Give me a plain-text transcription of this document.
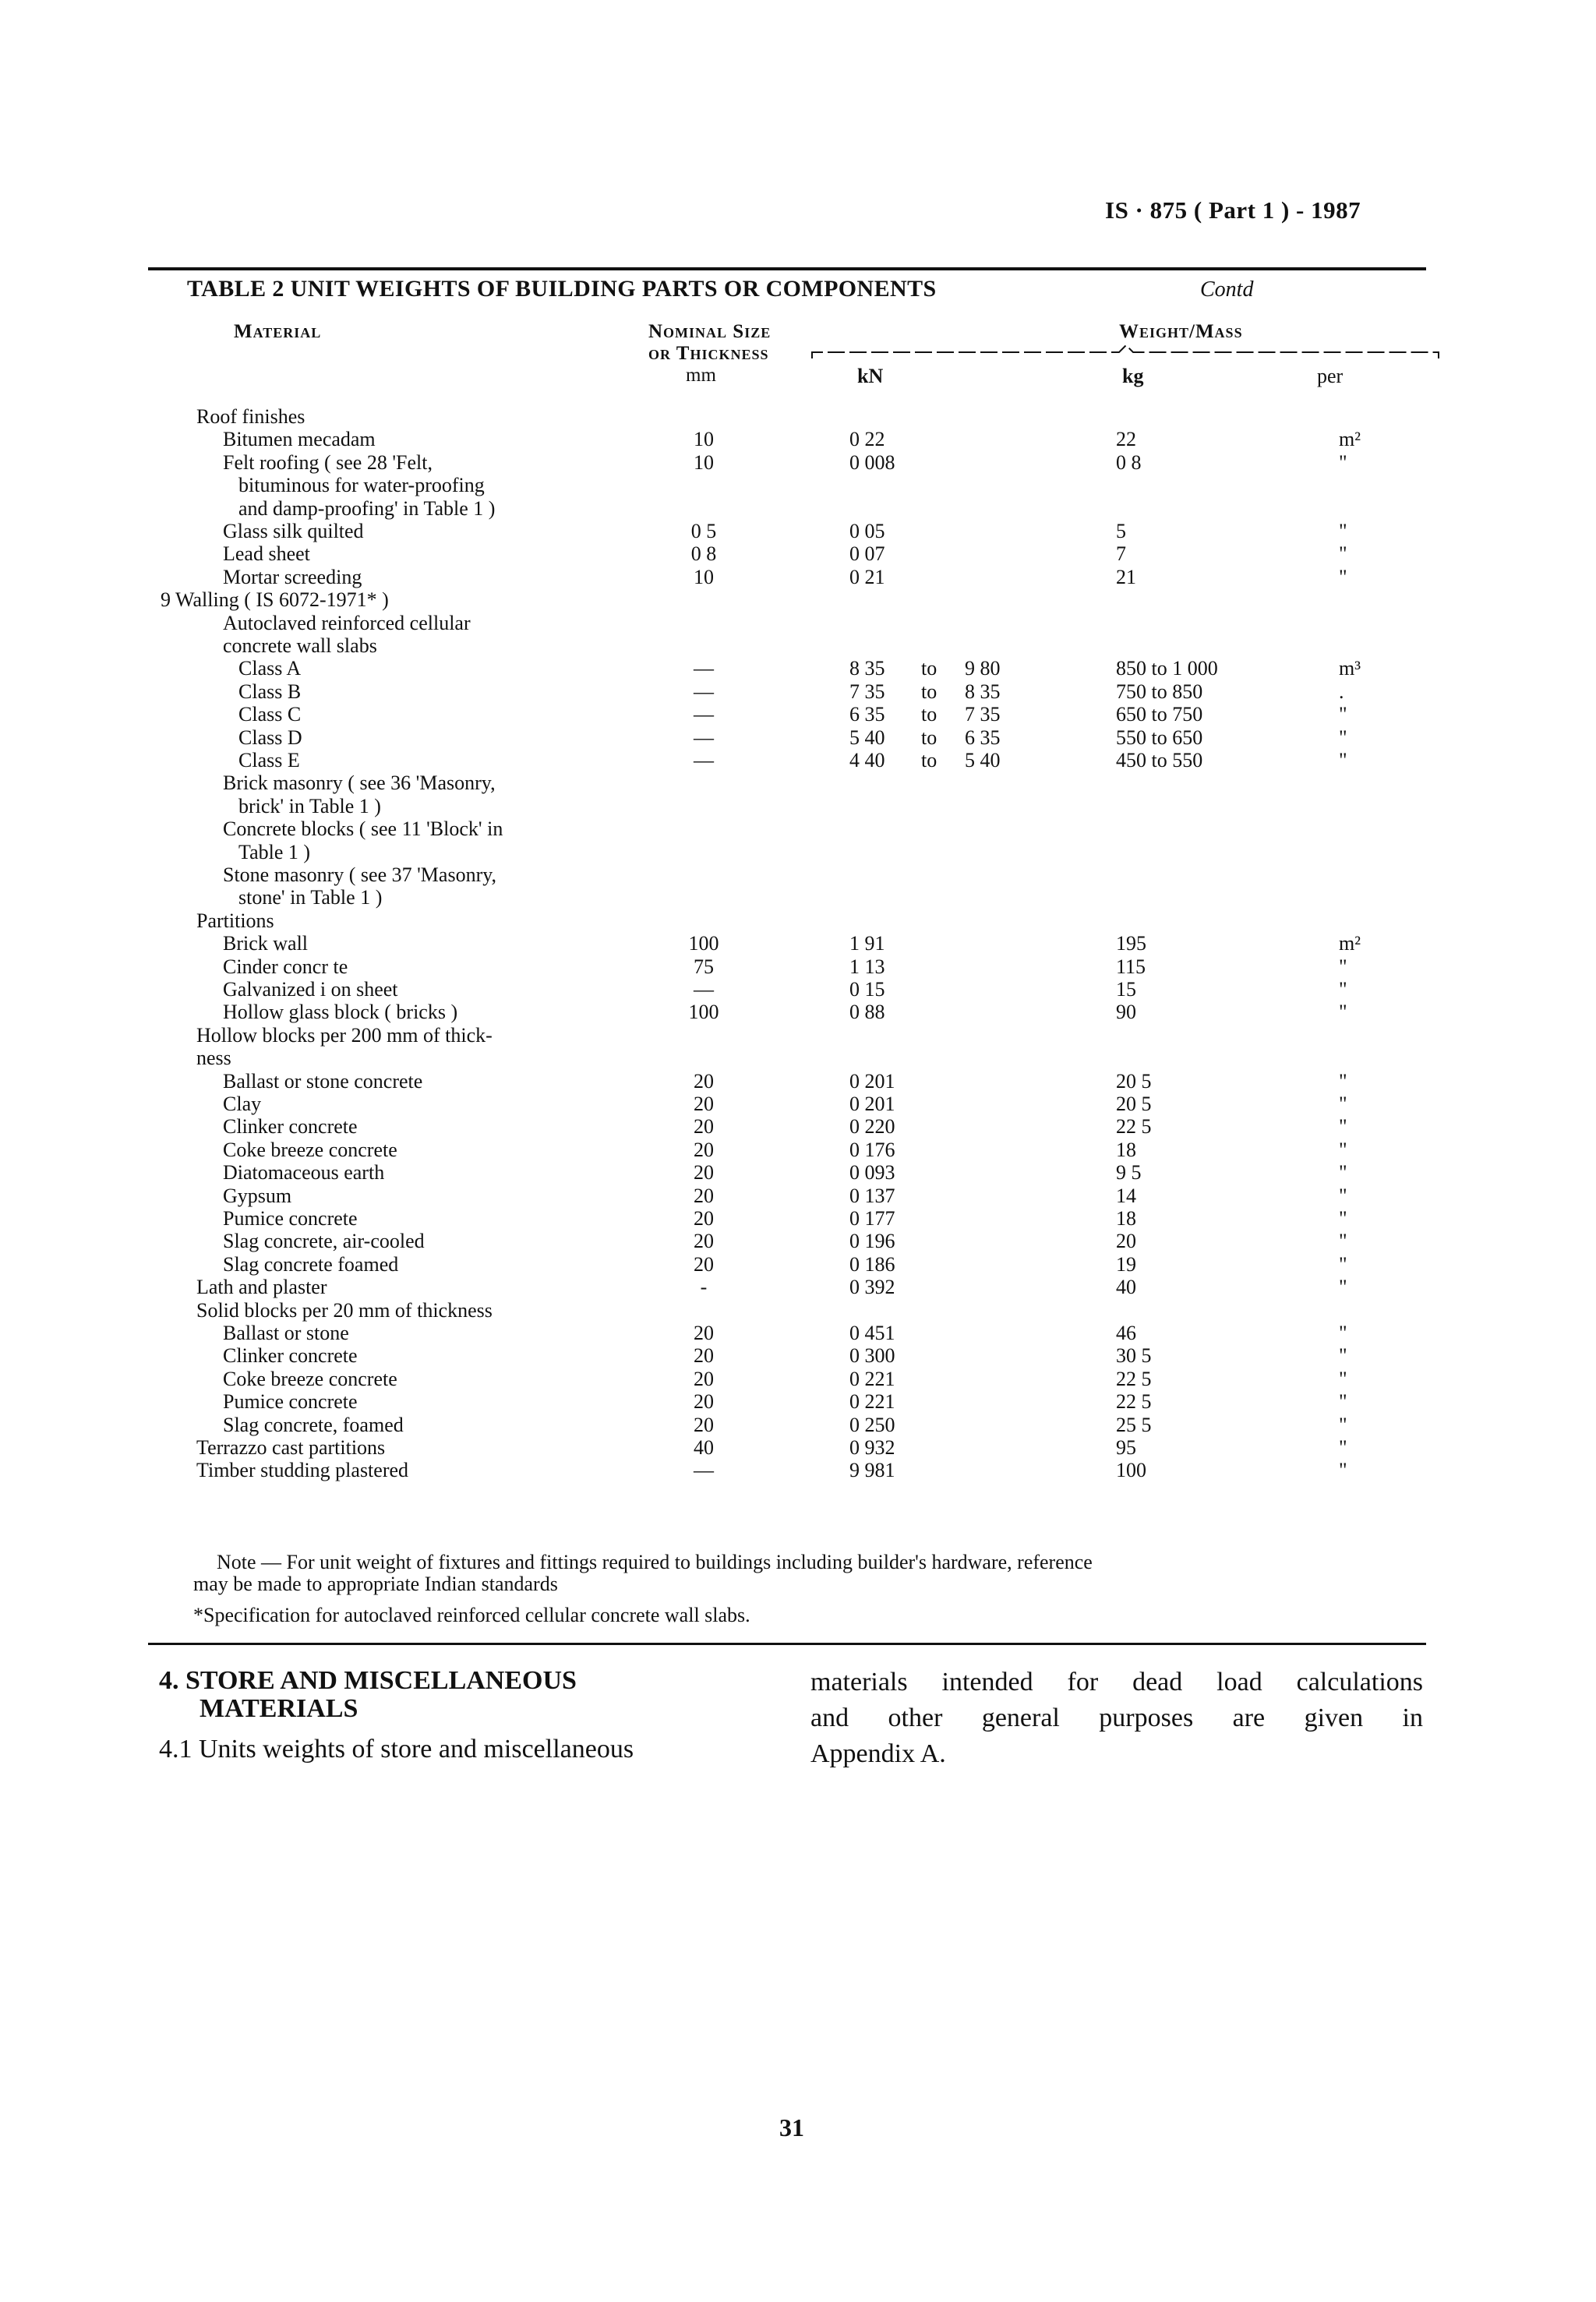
IS · 875 ( Part 1 ) - 1987
TABLE 2 UNIT WEIGHTS OF BUILDING PARTS OR COMPONENTS	Contd
Material	Nominal Size
or Thickness
mm
Weight/Mass
kN	kg	per
Roof finishes
Bitumen mecadam	10	0 22	22	m²
Felt roofing ( see 28 'Felt,	10	0 008	0 8	"
bituminous for water-proofing
and damp-proofing' in Table 1 )
Glass silk quilted	0 5	0 05	5	"
Lead sheet	0 8	0 07	7	"
Mortar screeding	10	0 21	21	"
9 Walling ( IS 6072-1971* )
Autoclaved reinforced cellular
concrete wall slabs
Class A	—	8 35 to 9 80	850 to 1 000	m³
Class B	—	7 35 to 8 35	750 to 850	.
Class C	—	6 35 to 7 35	650 to 750	"
Class D	—	5 40 to 6 35	550 to 650	"
Class E	—	4 40 to 5 40	450 to 550	"
Brick masonry ( see 36 'Masonry,
brick' in Table 1 )
Concrete blocks ( see 11 'Block' in
Table 1 )
Stone masonry ( see 37 'Masonry,
stone' in Table 1 )
Partitions
Brick wall	100	1 91	195	m²
Cinder concr te	75	1 13	115	"
Galvanized i on sheet	—	0 15	15	"
Hollow glass block ( bricks )	100	0 88	90	"
Hollow blocks per 200 mm of thick-
ness
Ballast or stone concrete	20	0 201	20 5	"
Clay	20	0 201	20 5	"
Clinker concrete	20	0 220	22 5	"
Coke breeze concrete	20	0 176	18	"
Diatomaceous earth	20	0 093	9 5	"
Gypsum	20	0 137	14	"
Pumice concrete	20	0 177	18	"
Slag concrete, air-cooled	20	0 196	20	"
Slag concrete foamed	20	0 186	19	"
Lath and plaster	-	0 392	40	"
Solid blocks per 20 mm of thickness
Ballast or stone	20	0 451	46	"
Clinker concrete	20	0 300	30 5	"
Coke breeze concrete	20	0 221	22 5	"
Pumice concrete	20	0 221	22 5	"
Slag concrete, foamed	20	0 250	25 5	"
Terrazzo cast partitions	40	0 932	95	"
Timber studding plastered	—	9 981	100	"
Note — For unit weight of fixtures and fittings required to buildings including builder's hardware, reference
may be made to appropriate Indian standards
*Specification for autoclaved reinforced cellular concrete wall slabs.
4. STORE AND MISCELLANEOUS
MATERIALS
4.1 Units weights of store and miscellaneous
materials intended for dead load calculations
and other general purposes are given in
Appendix A.
31
